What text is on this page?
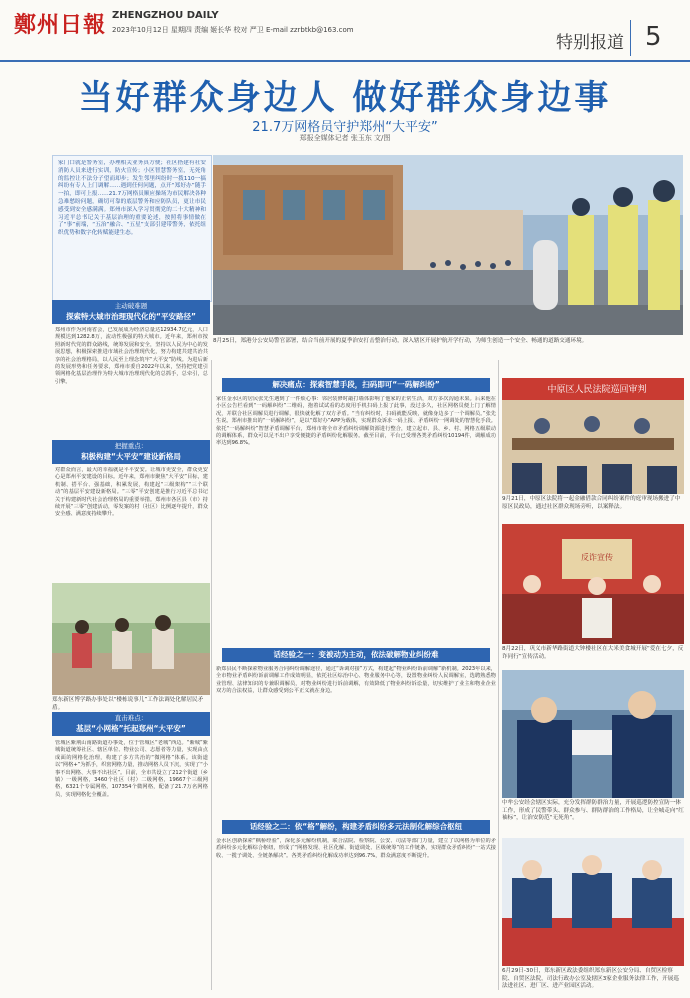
鄭州日報 ZHENGZHOU DAILY
2023年10月12日 星期四 责编 姬长华 校对 严卫 E-mail zzrbtkb@163.com
特别报道 5
当好群众身边人 做好群众身边事
21.7万网格员守护郑州“大平安”
郑报全媒体记者 张玉东 文/图
家门口就是警务室，办理相关业务真方便；社区搭建有社安消防人员来进行实训，防火宣传；小区智慧警务室，无死角的监控让不法分子望而却步；发生邻里纠纷时一拨110一搞纠纷有专人上门调解……遇到任何问题，点开“郑好办”随手一拍，即可上报……21.7万网格员顺应操场为市民解决各种急难愁盼问题，确切可靠的底层警务和应防队员，更让市民感受到安全感满满。郑州市深入学习贯彻党的二十大精神和习近平总书记关于基层治理的重要论述，按照将事情做在了“事”前端，“五治”融合、“五星”支部引建带警务，依托组织优势和数字化转赋能建生态。
8月25日，郑港分公安局警官部署，结合当前开展的夏季治安打击整治行动，深入辖区开展护航开学行动，为师生创造一个安全、畅通的道路交通环境。
主动破难题
探索特大城市治理现代化的“平安路径”
郑州市作为河南省会，已发展成为经济总量达12934.7亿元，人口规模达到1282.8万，流动性极强的特大城市。近年来，郑州市按照新时代党的群众路线，统筹发展和安全，坚持以人民为中心的发展思想，积极探索推进市域社会治理现代化，努力构建共建共治共享的社会治理格局，以人民至上理念筑牢“大平安”防线。为进后新的发展形势和任务要求，郑州市委自2022年以来，坚持把党建引领网格化基层治理作为特大城市治理现代化的总抓手，总牵引，总引擎。
把握重点：
积极构建“大平安”建设新格局
对群众而言，最大的幸福就是平平安安。让城市更安全，群众更安心是郑州平安建设的目标。近年来，郑州市聚焦“大平安”目标，建机制、搭平台、强基础，积累发展，构建起“三级架构”“三个联动”的基层平安建设新格局。“三零”平安创建是推行习近平总书记关于构建新时代社会治理格局的重要举措。郑州市各区县（市）持续开展“三零”创建活动，零发案的村（社区）比例逐年提升，群众安全感、满意度持续攀升。
郑东新区博学路办事处以“楼栋说事儿”工作法调处化解居民矛盾。
直击难点：
基层“小网格”托起郑州“大平安”
管城区紫荆山南路街道办事处，位于管城区“老城”西边。“紫城”紫城街道统筹社区、辖区单位、物业公司、志愿者等力量，实现由点成面的网格化治理，构建了多方共治的“微网格”体系。该街道以“网格+”为抓手，织密网格力量，推动网格人员下沉，实现了“小事不出网格、大事不出社区”。目前，全市共设立了212个街道（乡镇）一级网格，3460个社区（村）二级网格，19667个三级网格，6321个专属网格，107354个微网格，配备了21.7万名网格员，实现网格化全覆盖。
解决痛点：探索智慧手段，扫码即可“一码解纠纷”
家住金水区的居民张先生遇到了一件烦心事：邻居装修时敲打墙体影响了他家的正常生活，双方多次沟通未果。后来他在小区公告栏看到“一码解纠纷”二维码，抱着试试看的态度用手机扫码上报了此事，没过多久，社区网格员便上门了解情况，并联合社区调解员进行调解，很快就化解了双方矛盾。“当有纠纷时，扫码就能反映，就像身边多了一个调解员。”张先生说。郑州市推出的“一码解纠纷”，是以“郑好办”APP为载体，实现群众诉求一码上报、矛盾纠纷一网调处的智慧化手段。依托“一码解纠纷”智慧矛盾调解平台，郑州市将全市矛盾纠纷调解资源进行整合，建立起市、县、乡、村、网格五级联动的调解体系，群众可以足不出户享受便捷的矛盾纠纷化解服务。截至目前，平台已受理各类矛盾纠纷10194件，调解成功率达到96.8%。
话经验之一：变被动为主动，依法破解物业纠纷难
新郑县民不断探索物业服务合同纠纷调解途径，通过“诉调对接”方式，构建起“物业纠纷诉前调解”新机制。2023年以来，全市物业矛盾纠纷诉前调解工作成效明显，依托社区综治中心、物业服务中心等，设置物业纠纷人民调解室，选聘熟悉物业管理、法律知识的专兼职调解员，对物业纠纷进行诉前调解，有效降低了物业纠纷诉讼量，切实维护了业主和物业企业双方的合法权益，让群众感受到公平正义就在身边。
话经验之二：依“格”解纷，构建矛盾纠纷多元法制化解综合枢纽
金水区创新探索“枫桥经验”，深化多元解纷机制，联合法院、检察院、公安、司法等部门力量，建立了以网格为单位的矛盾纠纷多元化解综合枢纽，形成了“网格发现、社区化解、街道调处、区级统筹”的工作链条，实现群众矛盾纠纷“一站式接收、一揽子调处、全链条解决”。各类矛盾纠纷化解成功率达到96.7%，群众满意度不断提升。
中原区人民法院巡回审判
9月21日，中原区法院将一起金融借款合同纠纷案件的庭审现场搬进了中原区民政局，通过社区群众现场旁听，以案释法。
反诈宣传
8月22日，巩义市新华路街道大钟楼社区在大米美食城开展“爱在七夕，反诈同行”宣传活动。
中牟公安经会辖区实际，充分发挥群防群治力量，开展巡逻防控宣防一体工作，形成了民警带头、群众参与、群防群治的工作格局，让全城走向“红袖标”，让治安防范“无死角”。
6月29日-30日，郑东新区政法委组织郑东新区公安分局、自贸区检察院、自贸区法院，司法行政办公室及辖区3家企业服务法律工作，开展巡法进社区、进厂区、进产业园区活动。
